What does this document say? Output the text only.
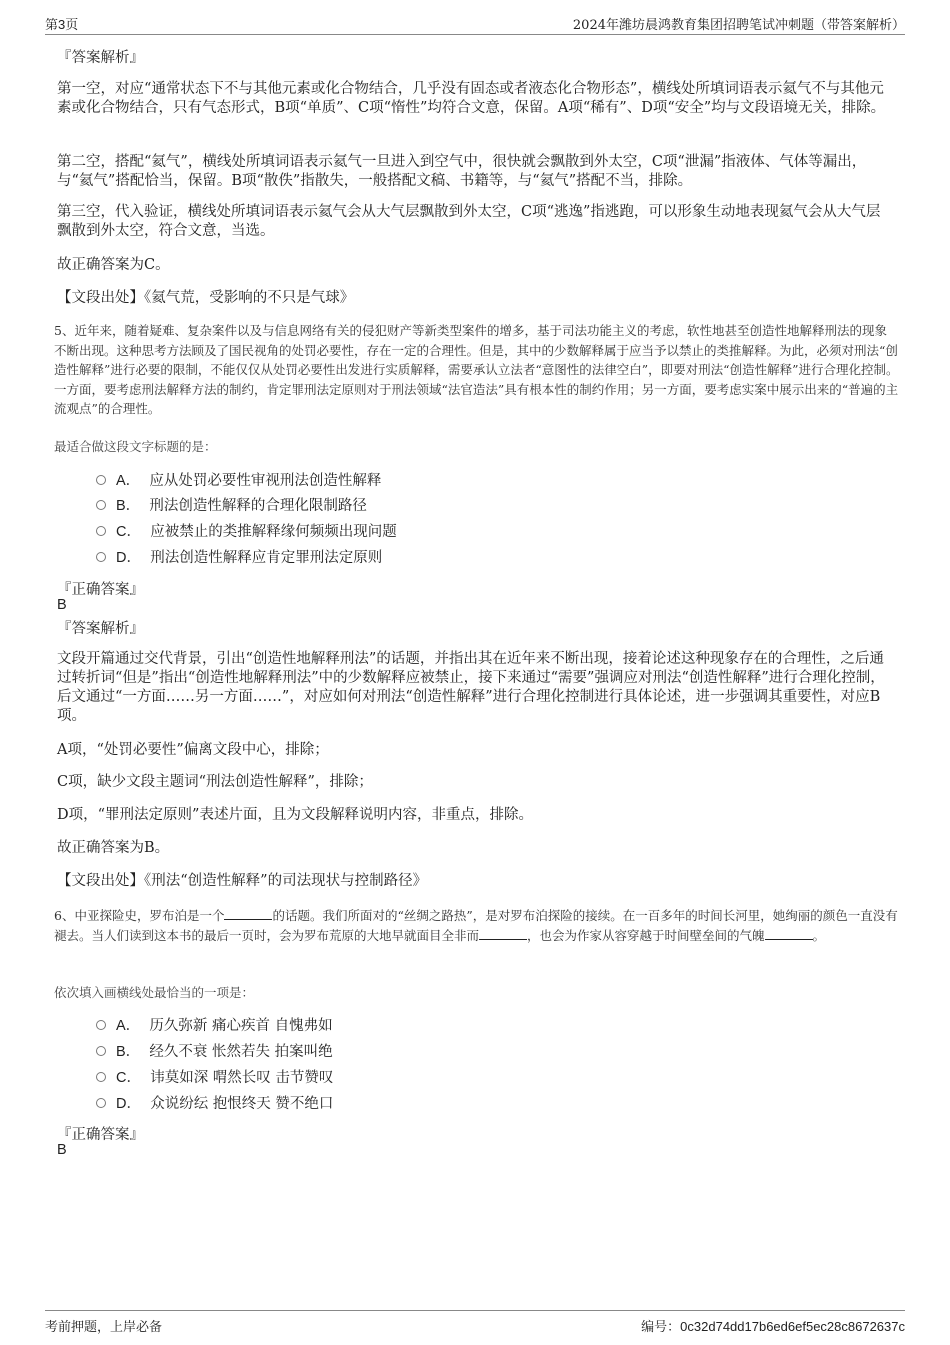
第3页	2024年潍坊晨鸿教育集团招聘笔试冲刺题（带答案解析）

『答案解析』

第一空，对应“通常状态下不与其他元素或化合物结合，几乎没有固态或者液态化合物形态”，横线处所填词语表示氦气不与其他元素或化合物结合，只有气态形式，B项“单质”、C项“惰性”均符合文意，保留。A项“稀有”、D项“安全”均与文段语境无关，排除。

第二空，搭配“氦气”，横线处所填词语表示氦气一旦进入到空气中，很快就会飘散到外太空，C项“泄漏”指液体、气体等漏出，与“氦气”搭配恰当，保留。B项“散佚”指散失，一般搭配文稿、书籍等，与“氦气”搭配不当，排除。

第三空，代入验证，横线处所填词语表示氦气会从大气层飘散到外太空，C项“逃逸”指逃跑，可以形象生动地表现氦气会从大气层飘散到外太空，符合文意，当选。

故正确答案为C。

【文段出处】《氦气荒，受影响的不只是气球》

5、近年来，随着疑难、复杂案件以及与信息网络有关的侵犯财产等新类型案件的增多，基于司法功能主义的考虑，软性地甚至创造性地解释刑法的现象不断出现。这种思考方法顾及了国民视角的处罚必要性，存在一定的合理性。但是，其中的少数解释属于应当予以禁止的类推解释。为此，必须对刑法“创造性解释”进行必要的限制，不能仅仅从处罚必要性出发进行实质解释，需要承认立法者“意图性的法律空白”，即要对刑法“创造性解释”进行合理化控制。一方面，要考虑刑法解释方法的制约，肯定罪刑法定原则对于刑法领域“法官造法”具有根本性的制约作用；另一方面，要考虑实案中展示出来的“普遍的主流观点”的合理性。

最适合做这段文字标题的是：

A． 应从处罚必要性审视刑法创造性解释
B． 刑法创造性解释的合理化限制路径
C． 应被禁止的类推解释缘何频频出现问题
D． 刑法创造性解释应肯定罪刑法定原则

『正确答案』

B

『答案解析』

文段开篇通过交代背景，引出“创造性地解释刑法”的话题，并指出其在近年来不断出现，接着论述这种现象存在的合理性，之后通过转折词“但是”指出“创造性地解释刑法”中的少数解释应被禁止，接下来通过“需要”强调应对刑法“创造性解释”进行合理化控制，后文通过“一方面……另一方面……”，对应如何对刑法“创造性解释”进行合理化控制进行具体论述，进一步强调其重要性，对应B项。

A项，“处罚必要性”偏离文段中心，排除；

C项，缺少文段主题词“刑法创造性解释”，排除；

D项，“罪刑法定原则”表述片面，且为文段解释说明内容，非重点，排除。

故正确答案为B。

【文段出处】《刑法“创造性解释”的司法现状与控制路径》

6、中亚探险史，罗布泊是一个	的话题。我们所面对的“丝绸之路热”，是对罗布泊探险的接续。在一百多年的时间长河里，她绚丽的颜色一直没有褪去。当人们读到这本书的最后一页时，会为罗布荒原的大地早就面目全非而	，也会为作家从容穿越于时间壁垒间的气魄	。

依次填入画横线处最恰当的一项是：

A． 历久弥新 痛心疾首 自愧弗如
B． 经久不衰 怅然若失 拍案叫绝
C． 讳莫如深 喟然长叹 击节赞叹
D． 众说纷纭 抱恨终天 赞不绝口

『正确答案』

B

考前押题，上岸必备	编号：0c32d74dd17b6ed6ef5ec28c8672637c
